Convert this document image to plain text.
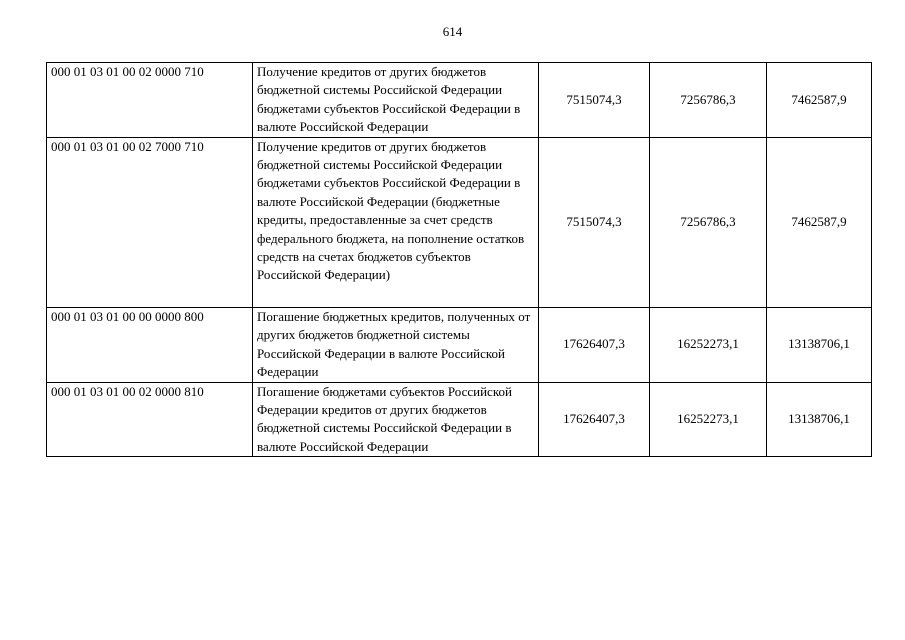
614
000 01 03 01 00 02 0000 710	Получение кредитов от других бюджетов бюджетной системы Российской Федерации бюджетами субъектов Российской Федерации в валюте Российской Федерации	7515074,3	7256786,3	7462587,9
000 01 03 01 00 02 7000 710	Получение кредитов от других бюджетов бюджетной системы Российской Федерации бюджетами субъектов Российской Федерации в валюте Российской Федерации (бюджетные кредиты, предоставленные за счет средств федерального бюджета, на пополнение остатков средств на счетах бюджетов субъектов Российской Федерации)	7515074,3	7256786,3	7462587,9
000 01 03 01 00 00 0000 800	Погашение бюджетных кредитов, полученных от других бюджетов бюджетной системы Российской Федерации в валюте Российской Федерации	17626407,3	16252273,1	13138706,1
000 01 03 01 00 02 0000 810	Погашение бюджетами субъектов Российской Федерации кредитов от других бюджетов бюджетной системы Российской Федерации в валюте Российской Федерации	17626407,3	16252273,1	13138706,1
